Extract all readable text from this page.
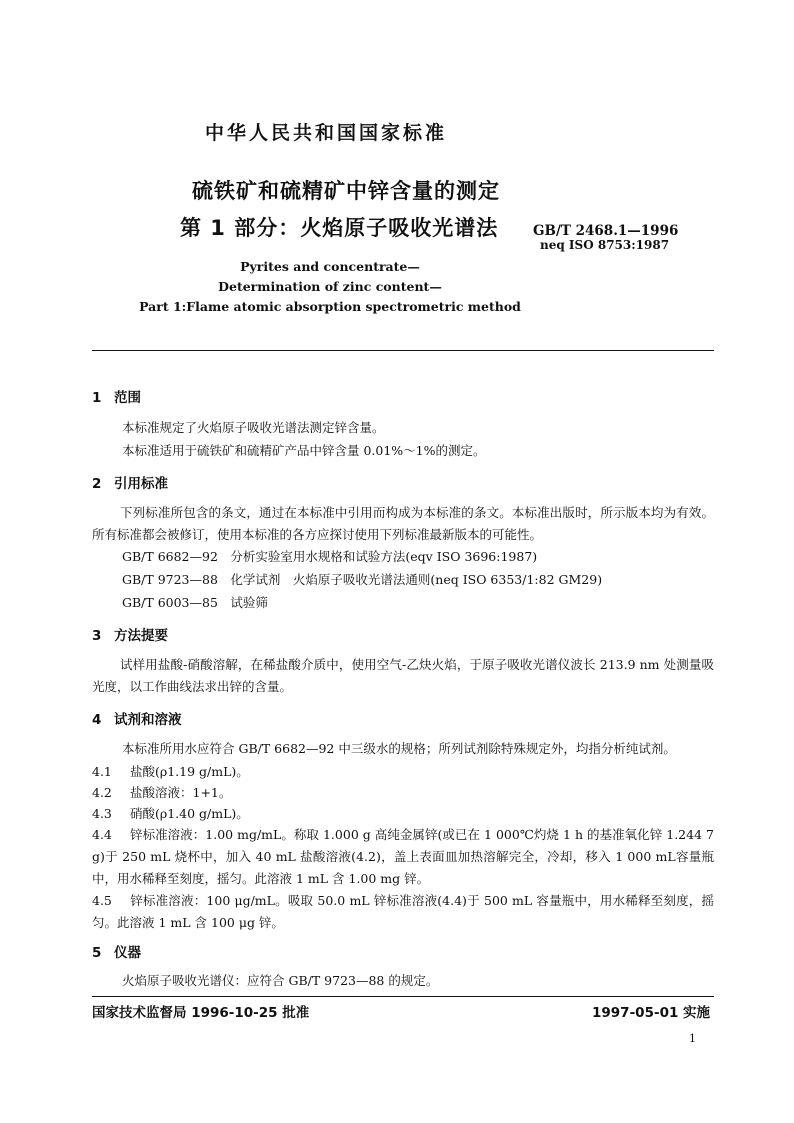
中华人民共和国国家标准
硫铁矿和硫精矿中锌含量的测定
第 1 部分：火焰原子吸收光谱法	GB/T 2468.1—1996
neq ISO 8753:1987
Pyrites and concentrate—
Determination of zinc content—
Part 1:Flame atomic absorption spectrometric method
1 范围
本标准规定了火焰原子吸收光谱法测定锌含量。
本标准适用于硫铁矿和硫精矿产品中锌含量 0.01%～1%的测定。
2 引用标准
下列标准所包含的条文，通过在本标准中引用而构成为本标准的条文。本标准出版时，所示版本均为有效。所有标准都会被修订，使用本标准的各方应探讨使用下列标准最新版本的可能性。
GB/T 6682—92　分析实验室用水规格和试验方法(eqv ISO 3696:1987)
GB/T 9723—88　化学试剂　火焰原子吸收光谱法通则(neq ISO 6353/1:82 GM29)
GB/T 6003—85　试验筛
3 方法提要
试样用盐酸-硝酸溶解，在稀盐酸介质中，使用空气-乙炔火焰，于原子吸收光谱仪波长 213.9 nm 处测量吸光度，以工作曲线法求出锌的含量。
4 试剂和溶液
本标准所用水应符合 GB/T 6682—92 中三级水的规格；所列试剂除特殊规定外，均指分析纯试剂。
4.1 盐酸(ρ1.19 g/mL)。
4.2 盐酸溶液：1+1。
4.3 硝酸(ρ1.40 g/mL)。
4.4 锌标准溶液：1.00 mg/mL。称取 1.000 g 高纯金属锌(或已在 1 000℃灼烧 1 h 的基准氧化锌 1.244 7 g)于 250 mL 烧杯中，加入 40 mL 盐酸溶液(4.2)，盖上表面皿加热溶解完全，冷却，移入 1 000 mL容量瓶中，用水稀释至刻度，摇匀。此溶液 1 mL 含 1.00 mg 锌。
4.5 锌标准溶液：100 μg/mL。吸取 50.0 mL 锌标准溶液(4.4)于 500 mL 容量瓶中，用水稀释至刻度，摇匀。此溶液 1 mL 含 100 μg 锌。
5 仪器
火焰原子吸收光谱仪：应符合 GB/T 9723—88 的规定。
国家技术监督局 1996-10-25 批准	1997-05-01 实施
1
